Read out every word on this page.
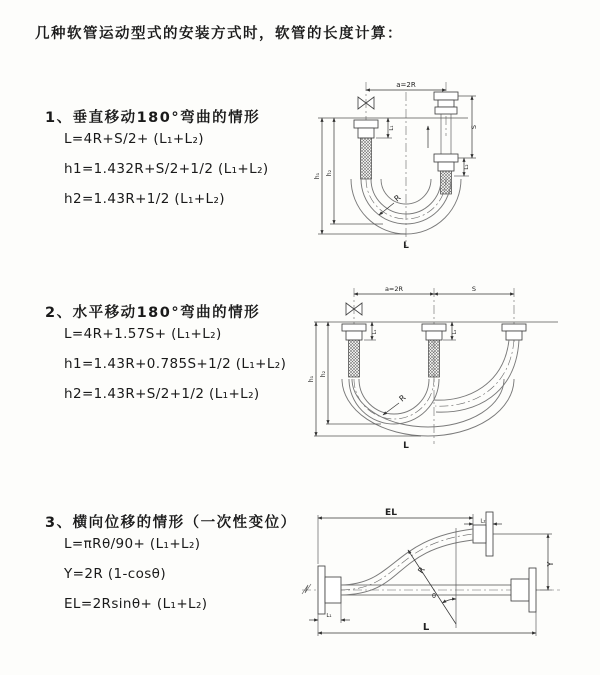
几种软管运动型式的安装方式时，软管的长度计算：
1、垂直移动180°弯曲的情形
L=4R+S/2+ (L₁+L₂)
h1=1.432R+S/2+1/2 (L₁+L₂)
h2=1.43R+1/2 (L₁+L₂)
a=2R
h₁ h₂
L₁	S
L₂
R
L
2、水平移动180°弯曲的情形
L=4R+1.57S+ (L₁+L₂)
h1=1.43R+0.785S+1/2 (L₁+L₂)
h2=1.43R+S/2+1/2 (L₁+L₂)
a=2R	S
h₁
h₂
L₁	L₂
R
L
3、横向位移的情形（一次性变位）
L=πRθ/90+ (L₁+L₂)
Y=2R (1-cosθ)
EL=2Rsinθ+ (L₁+L₂)
EL
L₂
Y
L
L₁
θ
R
